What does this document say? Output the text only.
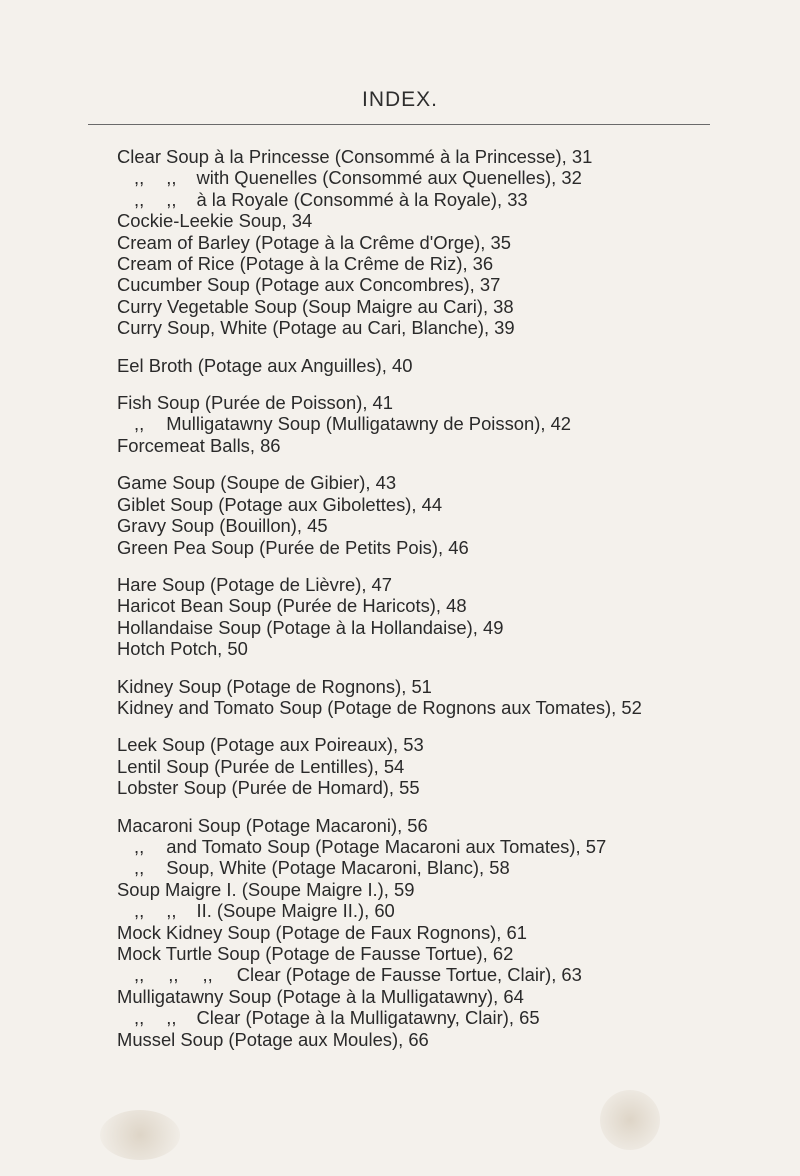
INDEX.
Clear Soup à la Princesse (Consommé à la Princesse), 31
,, ,, with Quenelles (Consommé aux Quenelles), 32
,, ,, à la Royale (Consommé à la Royale), 33
Cockie-Leekie Soup, 34
Cream of Barley (Potage à la Crême d'Orge), 35
Cream of Rice (Potage à la Crême de Riz), 36
Cucumber Soup (Potage aux Concombres), 37
Curry Vegetable Soup (Soup Maigre au Cari), 38
Curry Soup, White (Potage au Cari, Blanche), 39
Eel Broth (Potage aux Anguilles), 40
Fish Soup (Purée de Poisson), 41
,, Mulligatawny Soup (Mulligatawny de Poisson), 42
Forcemeat Balls, 86
Game Soup (Soupe de Gibier), 43
Giblet Soup (Potage aux Gibolettes), 44
Gravy Soup (Bouillon), 45
Green Pea Soup (Purée de Petits Pois), 46
Hare Soup (Potage de Lièvre), 47
Haricot Bean Soup (Purée de Haricots), 48
Hollandaise Soup (Potage à la Hollandaise), 49
Hotch Potch, 50
Kidney Soup (Potage de Rognons), 51
Kidney and Tomato Soup (Potage de Rognons aux Tomates), 52
Leek Soup (Potage aux Poireaux), 53
Lentil Soup (Purée de Lentilles), 54
Lobster Soup (Purée de Homard), 55
Macaroni Soup (Potage Macaroni), 56
,, and Tomato Soup (Potage Macaroni aux Tomates), 57
,, Soup, White (Potage Macaroni, Blanc), 58
Soup Maigre I. (Soupe Maigre I.), 59
,, ,, II. (Soupe Maigre II.), 60
Mock Kidney Soup (Potage de Faux Rognons), 61
Mock Turtle Soup (Potage de Fausse Tortue), 62
,, ,, ,, Clear (Potage de Fausse Tortue, Clair), 63
Mulligatawny Soup (Potage à la Mulligatawny), 64
,, ,, Clear (Potage à la Mulligatawny, Clair), 65
Mussel Soup (Potage aux Moules), 66
